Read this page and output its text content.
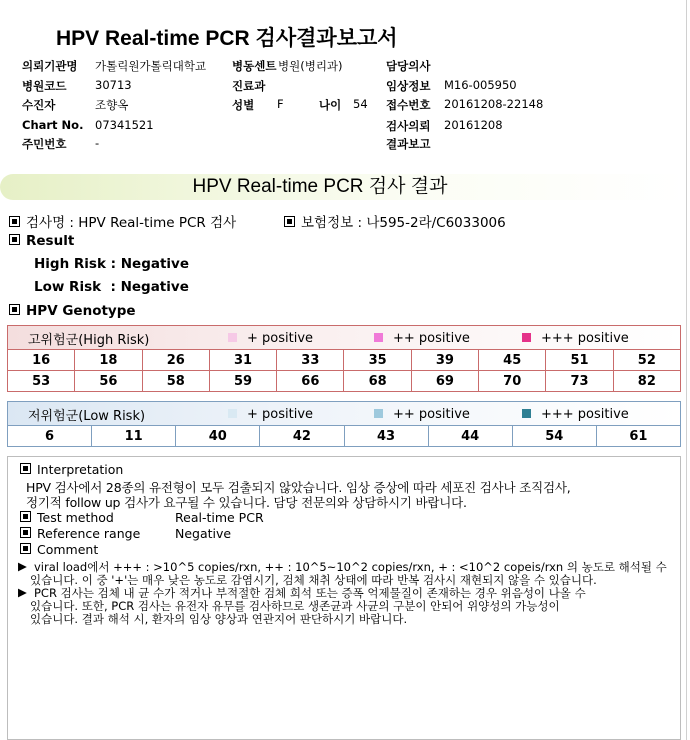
HPV Real-time PCR 검사결과보고서
의뢰기관명 가톨릭원가톨릭대학교 병동센트 병원(병리과)	담당의사
병원코드 30713	진료과	임상정보 M16-005950
수진자	조향옥	성별 F	나이 54 접수번호 20161208-22148
Chart No. 07341521	검사의뢰 20161208
주민번호 -	결과보고
HPV Real-time PCR 검사 결과
검사명 : HPV Real-time PCR 검사	보험정보 : 나595-2라/C6033006
Result
High Risk : Negative
Low Risk  : Negative
HPV Genotype
고위험군(High Risk)	+ positive	++ positive	+++ positive
16	18	26	31	33	35	39	45	51	52
53	56	58	59	66	68	69	70	73	82
저위험군(Low Risk)	+ positive	++ positive	+++ positive
6	11	40	42	43	44	54	61
Interpretation
HPV 검사에서 28종의 유전형이 모두 검출되지 않았습니다. 임상 증상에 따라 세포진 검사나 조직검사,
정기적 follow up 검사가 요구될 수 있습니다. 담당 전문의와 상담하시기 바랍니다.
Test method	Real-time PCR
Reference range	Negative
Comment
▶ viral load에서 +++ : >10^5 copies/rxn, ++ : 10^5~10^2 copies/rxn, + : <10^2 copeis/rxn 의 농도로 해석될 수
있습니다. 이 중 '+'는 매우 낮은 농도로 감염시기, 검체 채취 상태에 따라 반복 검사시 재현되지 않을 수 있습니다.
▶ PCR 검사는 검체 내 균 수가 적거나 부적절한 검체 희석 또는 증폭 억제물질이 존재하는 경우 위음성이 나올 수
있습니다. 또한, PCR 검사는 유전자 유무를 검사하므로 생존균과 사균의 구분이 안되어 위양성의 가능성이
있습니다. 결과 해석 시, 환자의 임상 양상과 연관지어 판단하시기 바랍니다.
